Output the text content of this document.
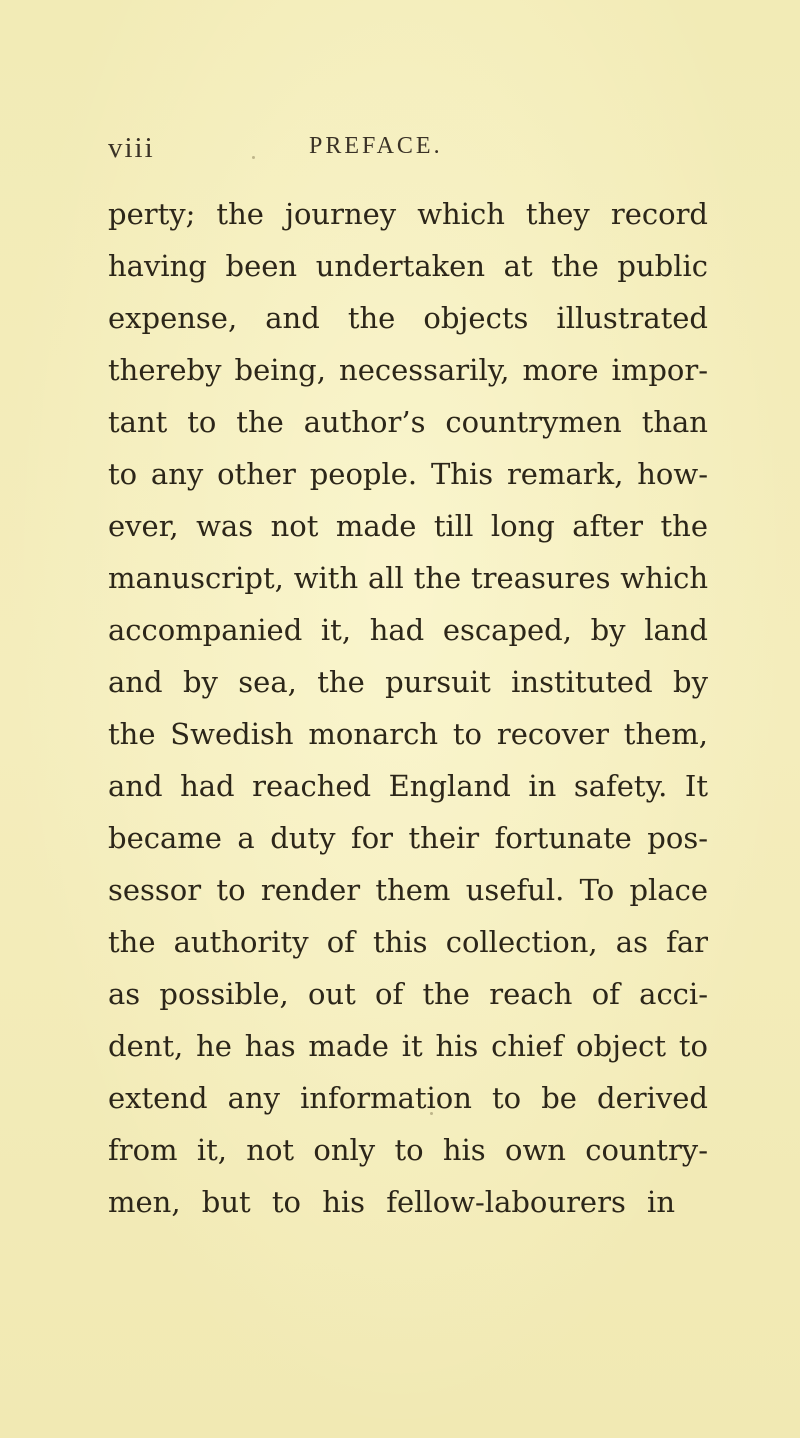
viii	PREFACE.
perty; the journey which they record
having been undertaken at the public
expense, and the objects illustrated
thereby being, necessarily, more impor-
tant to the author’s countrymen than
to any other people. This remark, how-
ever, was not made till long after the
manuscript, with all the treasures which
accompanied it, had escaped, by land
and by sea, the pursuit instituted by
the Swedish monarch to recover them,
and had reached England in safety. It
became a duty for their fortunate pos-
sessor to render them useful. To place
the authority of this collection, as far
as possible, out of the reach of acci-
dent, he has made it his chief object to
extend any information to be derived
from it, not only to his own country-
men, but to his fellow-labourers in
